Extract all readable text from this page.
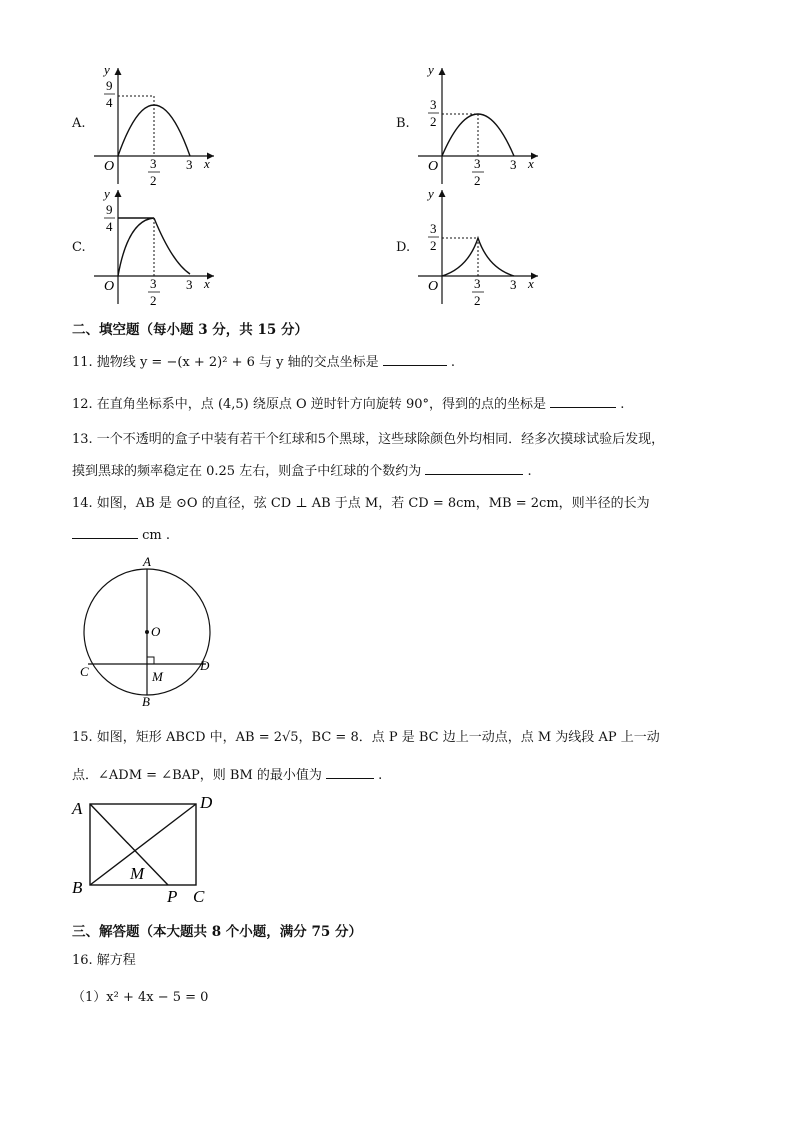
A.	B.
C.	D.
9
4
3
2
3
O	x
y
3
2
3
2
3
O	x
y
9
4
3
2
3
O	x
y
3
2
3
2
3
O	x
y
二、填空题（每小题 3 分，共 15 分）
11. 抛物线 y = −(x + 2)² + 6 与 y 轴的交点坐标是	.
12. 在直角坐标系中，点 (4,5) 绕原点 O 逆时针方向旋转 90°，得到的点的坐标是	.
13. 一个不透明的盒子中装有若干个红球和5个黑球，这些球除颜色外均相同．经多次摸球试验后发现，
摸到黑球的频率稳定在 0.25 左右，则盒子中红球的个数约为	.
14. 如图，AB 是 ⊙O 的直径，弦 CD ⊥ AB 于点 M，若 CD = 8cm，MB = 2cm，则半径的长为
cm .
A
O
C	D
M
B
15. 如图，矩形 ABCD 中，AB = 2√5，BC = 8．点 P 是 BC 边上一动点，点 M 为线段 AP 上一动
点．∠ADM = ∠BAP，则 BM 的最小值为	.
A	D
B	C
M
P
三、解答题（本大题共 8 个小题，满分 75 分）
16. 解方程
（1）x² + 4x − 5 = 0
